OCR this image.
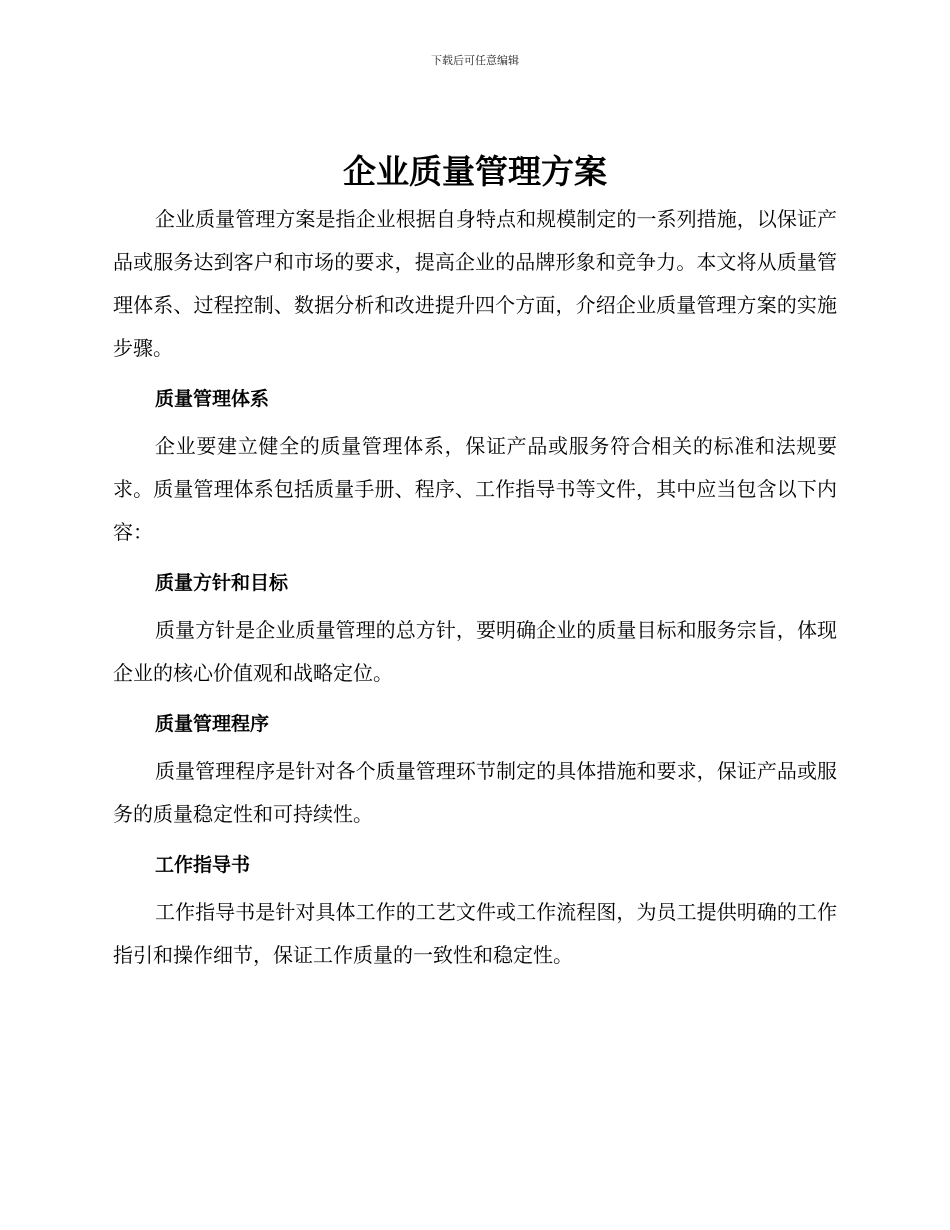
下载后可任意编辑
企业质量管理方案

企业质量管理方案是指企业根据自身特点和规模制定的一系列措施，以保证产品或服务达到客户和市场的要求，提高企业的品牌形象和竞争力。本文将从质量管理体系、过程控制、数据分析和改进提升四个方面，介绍企业质量管理方案的实施步骤。

质量管理体系

企业要建立健全的质量管理体系，保证产品或服务符合相关的标准和法规要求。质量管理体系包括质量手册、程序、工作指导书等文件，其中应当包含以下内容：

质量方针和目标

质量方针是企业质量管理的总方针，要明确企业的质量目标和服务宗旨，体现企业的核心价值观和战略定位。

质量管理程序

质量管理程序是针对各个质量管理环节制定的具体措施和要求，保证产品或服务的质量稳定性和可持续性。

工作指导书

工作指导书是针对具体工作的工艺文件或工作流程图，为员工提供明确的工作指引和操作细节，保证工作质量的一致性和稳定性。
